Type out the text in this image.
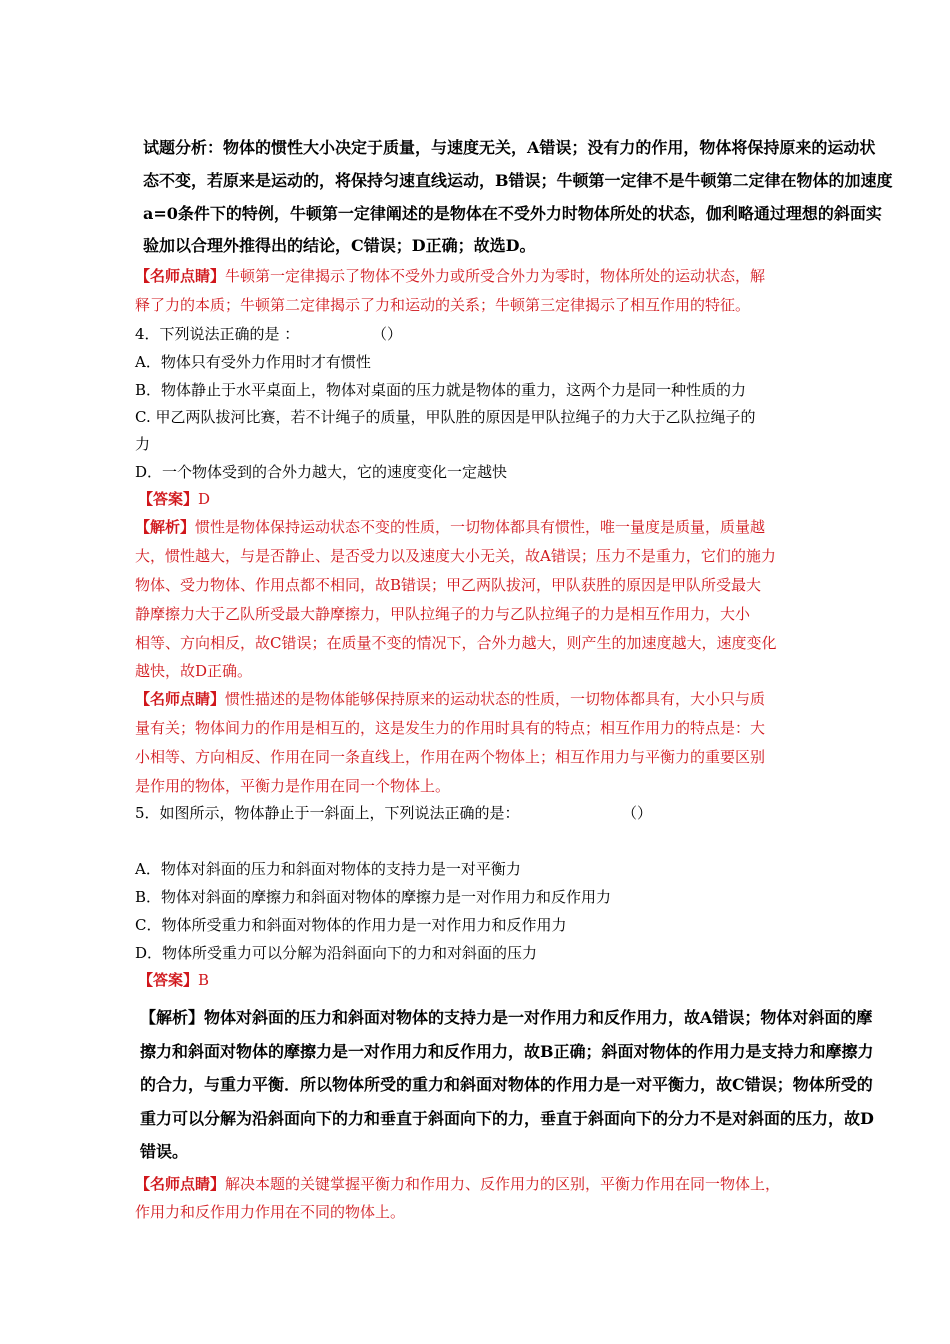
试题分析：物体的惯性大小决定于质量，与速度无关，A错误；没有力的作用，物体将保持原来的运动状
态不变，若原来是运动的，将保持匀速直线运动，B错误；牛顿第一定律不是牛顿第二定律在物体的加速度
a=0条件下的特例，牛顿第一定律阐述的是物体在不受外力时物体所处的状态，伽利略通过理想的斜面实
验加以合理外推得出的结论，C错误；D正确；故选D。
【名师点睛】牛顿第一定律揭示了物体不受外力或所受合外力为零时，物体所处的运动状态，解
释了力的本质；牛顿第二定律揭示了力和运动的关系；牛顿第三定律揭示了相互作用的特征。
4．下列说法正确的是 ：	（）
A．物体只有受外力作用时才有惯性
B．物体静止于水平桌面上，物体对桌面的压力就是物体的重力，这两个力是同一种性质的力
C. 甲乙两队拔河比赛，若不计绳子的质量，甲队胜的原因是甲队拉绳子的力大于乙队拉绳子的
力
D．一个物体受到的合外力越大，它的速度变化一定越快
【答案】D
【解析】惯性是物体保持运动状态不变的性质，一切物体都具有惯性，唯一量度是质量，质量越
大，惯性越大，与是否静止、是否受力以及速度大小无关，故A错误；压力不是重力，它们的施力
物体、受力物体、作用点都不相同，故B错误；甲乙两队拔河，甲队获胜的原因是甲队所受最大
静摩擦力大于乙队所受最大静摩擦力，甲队拉绳子的力与乙队拉绳子的力是相互作用力，大小
相等、方向相反，故C错误；在质量不变的情况下，合外力越大，则产生的加速度越大，速度变化
越快，故D正确。
【名师点睛】惯性描述的是物体能够保持原来的运动状态的性质，一切物体都具有，大小只与质
量有关；物体间力的作用是相互的，这是发生力的作用时具有的特点；相互作用力的特点是：大
小相等、方向相反、作用在同一条直线上，作用在两个物体上；相互作用力与平衡力的重要区别
是作用的物体，平衡力是作用在同一个物体上。
5．如图所示，物体静止于一斜面上，下列说法正确的是：	（）
A．物体对斜面的压力和斜面对物体的支持力是一对平衡力
B．物体对斜面的摩擦力和斜面对物体的摩擦力是一对作用力和反作用力
C．物体所受重力和斜面对物体的作用力是一对作用力和反作用力
D．物体所受重力可以分解为沿斜面向下的力和对斜面的压力
【答案】B
【解析】物体对斜面的压力和斜面对物体的支持力是一对作用力和反作用力，故A错误；物体对斜面的摩
擦力和斜面对物体的摩擦力是一对作用力和反作用力，故B正确；斜面对物体的作用力是支持力和摩擦力
的合力，与重力平衡．所以物体所受的重力和斜面对物体的作用力是一对平衡力，故C错误；物体所受的
重力可以分解为沿斜面向下的力和垂直于斜面向下的力，垂直于斜面向下的分力不是对斜面的压力，故D
错误。
【名师点睛】解决本题的关键掌握平衡力和作用力、反作用力的区别，平衡力作用在同一物体上，
作用力和反作用力作用在不同的物体上。
